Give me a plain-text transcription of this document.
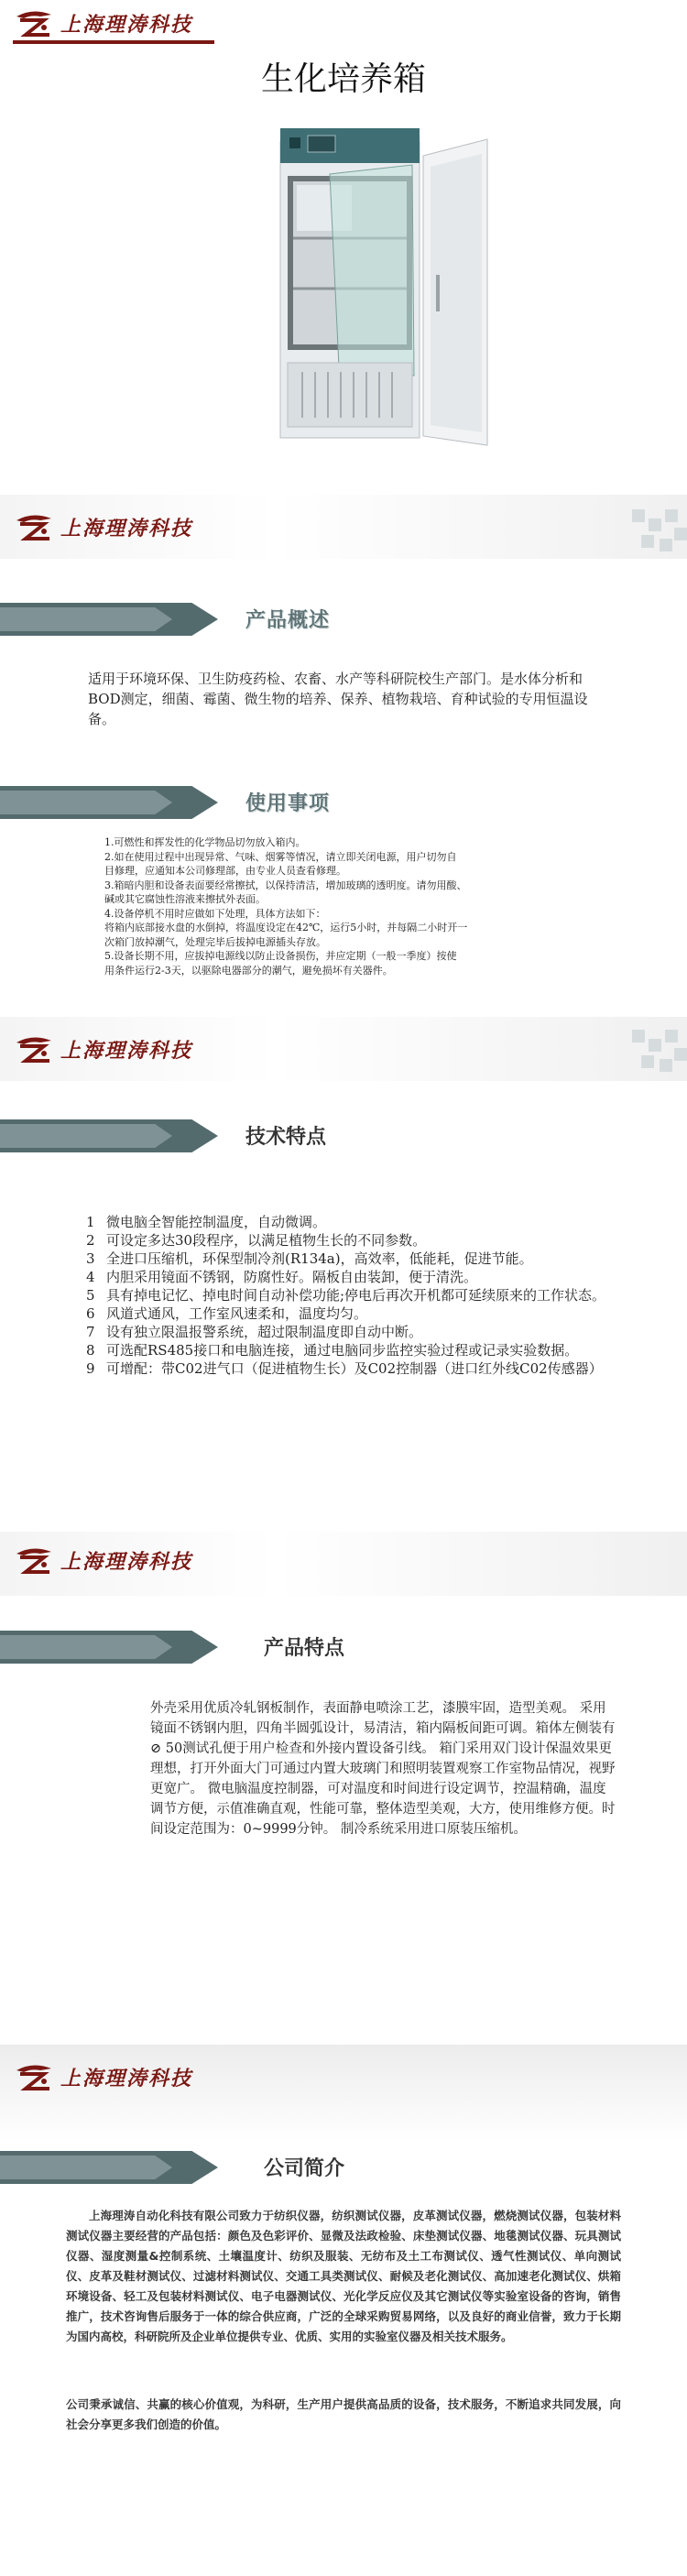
上海理涛科技
生化培养箱
上海理涛科技
产品概述
适用于环境环保、卫生防疫药检、农畜、水产等科研院校生产部门。是水体分析和BOD测定，细菌、霉菌、微生物的培养、保养、植物栽培、育种试验的专用恒温设备。
使用事项
1.可燃性和挥发性的化学物品切勿放入箱内。
2.如在使用过程中出现异常、气味、烟雾等情况，请立即关闭电源，用户切勿自
目修理，应通知本公司修理部，由专业人员查看修理。
3.箱暗内胆和设备表面要经常擦拭，以保持清洁，增加玻璃的透明度。请勿用酸、
碱或其它腐蚀性溶液来擦拭外表面。
4.设备停机不用时应做如下处理，具体方法如下：
将箱内底部接水盘的水倒掉，将温度设定在42℃，运行5小时，并每隔二小时开一
次箱门放掉潮气，处理完毕后拔掉电源插头存放。
5.设备长期不用，应拔掉电源线以防止设备损伤，并应定期（一般一季度）按使
用条件运行2-3天，以驱除电器部分的潮气，避免损坏有关器件。
上海理涛科技
技术特点
1 微电脑全智能控制温度，自动微调。
2 可设定多达30段程序，以满足植物生长的不同参数。
3 全进口压缩机，环保型制冷剂(R134a)，高效率，低能耗，促进节能。
4 内胆采用镜面不锈钢，防腐性好。隔板自由装卸，便于清洗。
5 具有掉电记忆、掉电时间自动补偿功能;停电后再次开机都可延续原来的工作状态。
6 风道式通风，工作室风速柔和，温度均匀。
7 设有独立限温报警系统，超过限制温度即自动中断。
8 可选配RS485接口和电脑连接，通过电脑同步监控实验过程或记录实验数据。
9 可增配：带C02进气口（促进植物生长）及C02控制器（进口红外线C02传感器）
上海理涛科技
产品特点
外壳采用优质冷轧钢板制作，表面静电喷涂工艺，漆膜牢固，造型美观。 采用镜面不锈钢内胆，四角半圆弧设计，易清洁，箱内隔板间距可调。箱体左侧装有⊘ 50测试孔便于用户检查和外接内置设备引线。 箱门采用双门设计保温效果更理想，打开外面大门可通过内置大玻璃门和照明装置观察工作室物品情况，视野更宽广。 微电脑温度控制器，可对温度和时间进行设定调节，控温精确，温度调节方便，示值准确直观，性能可靠，整体造型美观，大方，使用维修方便。时间设定范围为：0~9999分钟。 制冷系统采用进口原装压缩机。
上海理涛科技
公司简介
上海理涛自动化科技有限公司致力于纺织仪器，纺织测试仪器，皮革测试仪器，燃烧测试仪器，包装材料测试仪器主要经营的产品包括：颜色及色彩评价、显微及法政检验、床垫测试仪器、地毯测试仪器、玩具测试仪器、湿度测量&控制系统、土壤温度计、纺织及服装、无纺布及土工布测试仪、透气性测试仪、单向测试仪、皮革及鞋材测试仪、过滤材料测试仪、交通工具类测试仪、耐候及老化测试仪、高加速老化测试仪、烘箱环境设备、轻工及包装材料测试仪、电子电器测试仪、光化学反应仪及其它测试仪等实验室设备的咨询，销售推广，技术咨询售后服务于一体的综合供应商，广泛的全球采购贸易网络，以及良好的商业信誉，致力于长期为国内高校，科研院所及企业单位提供专业、优质、实用的实验室仪器及相关技术服务。
公司秉承诚信、共赢的核心价值观，为科研，生产用户提供高品质的设备，技术服务，不断追求共同发展，向社会分享更多我们创造的价值。
